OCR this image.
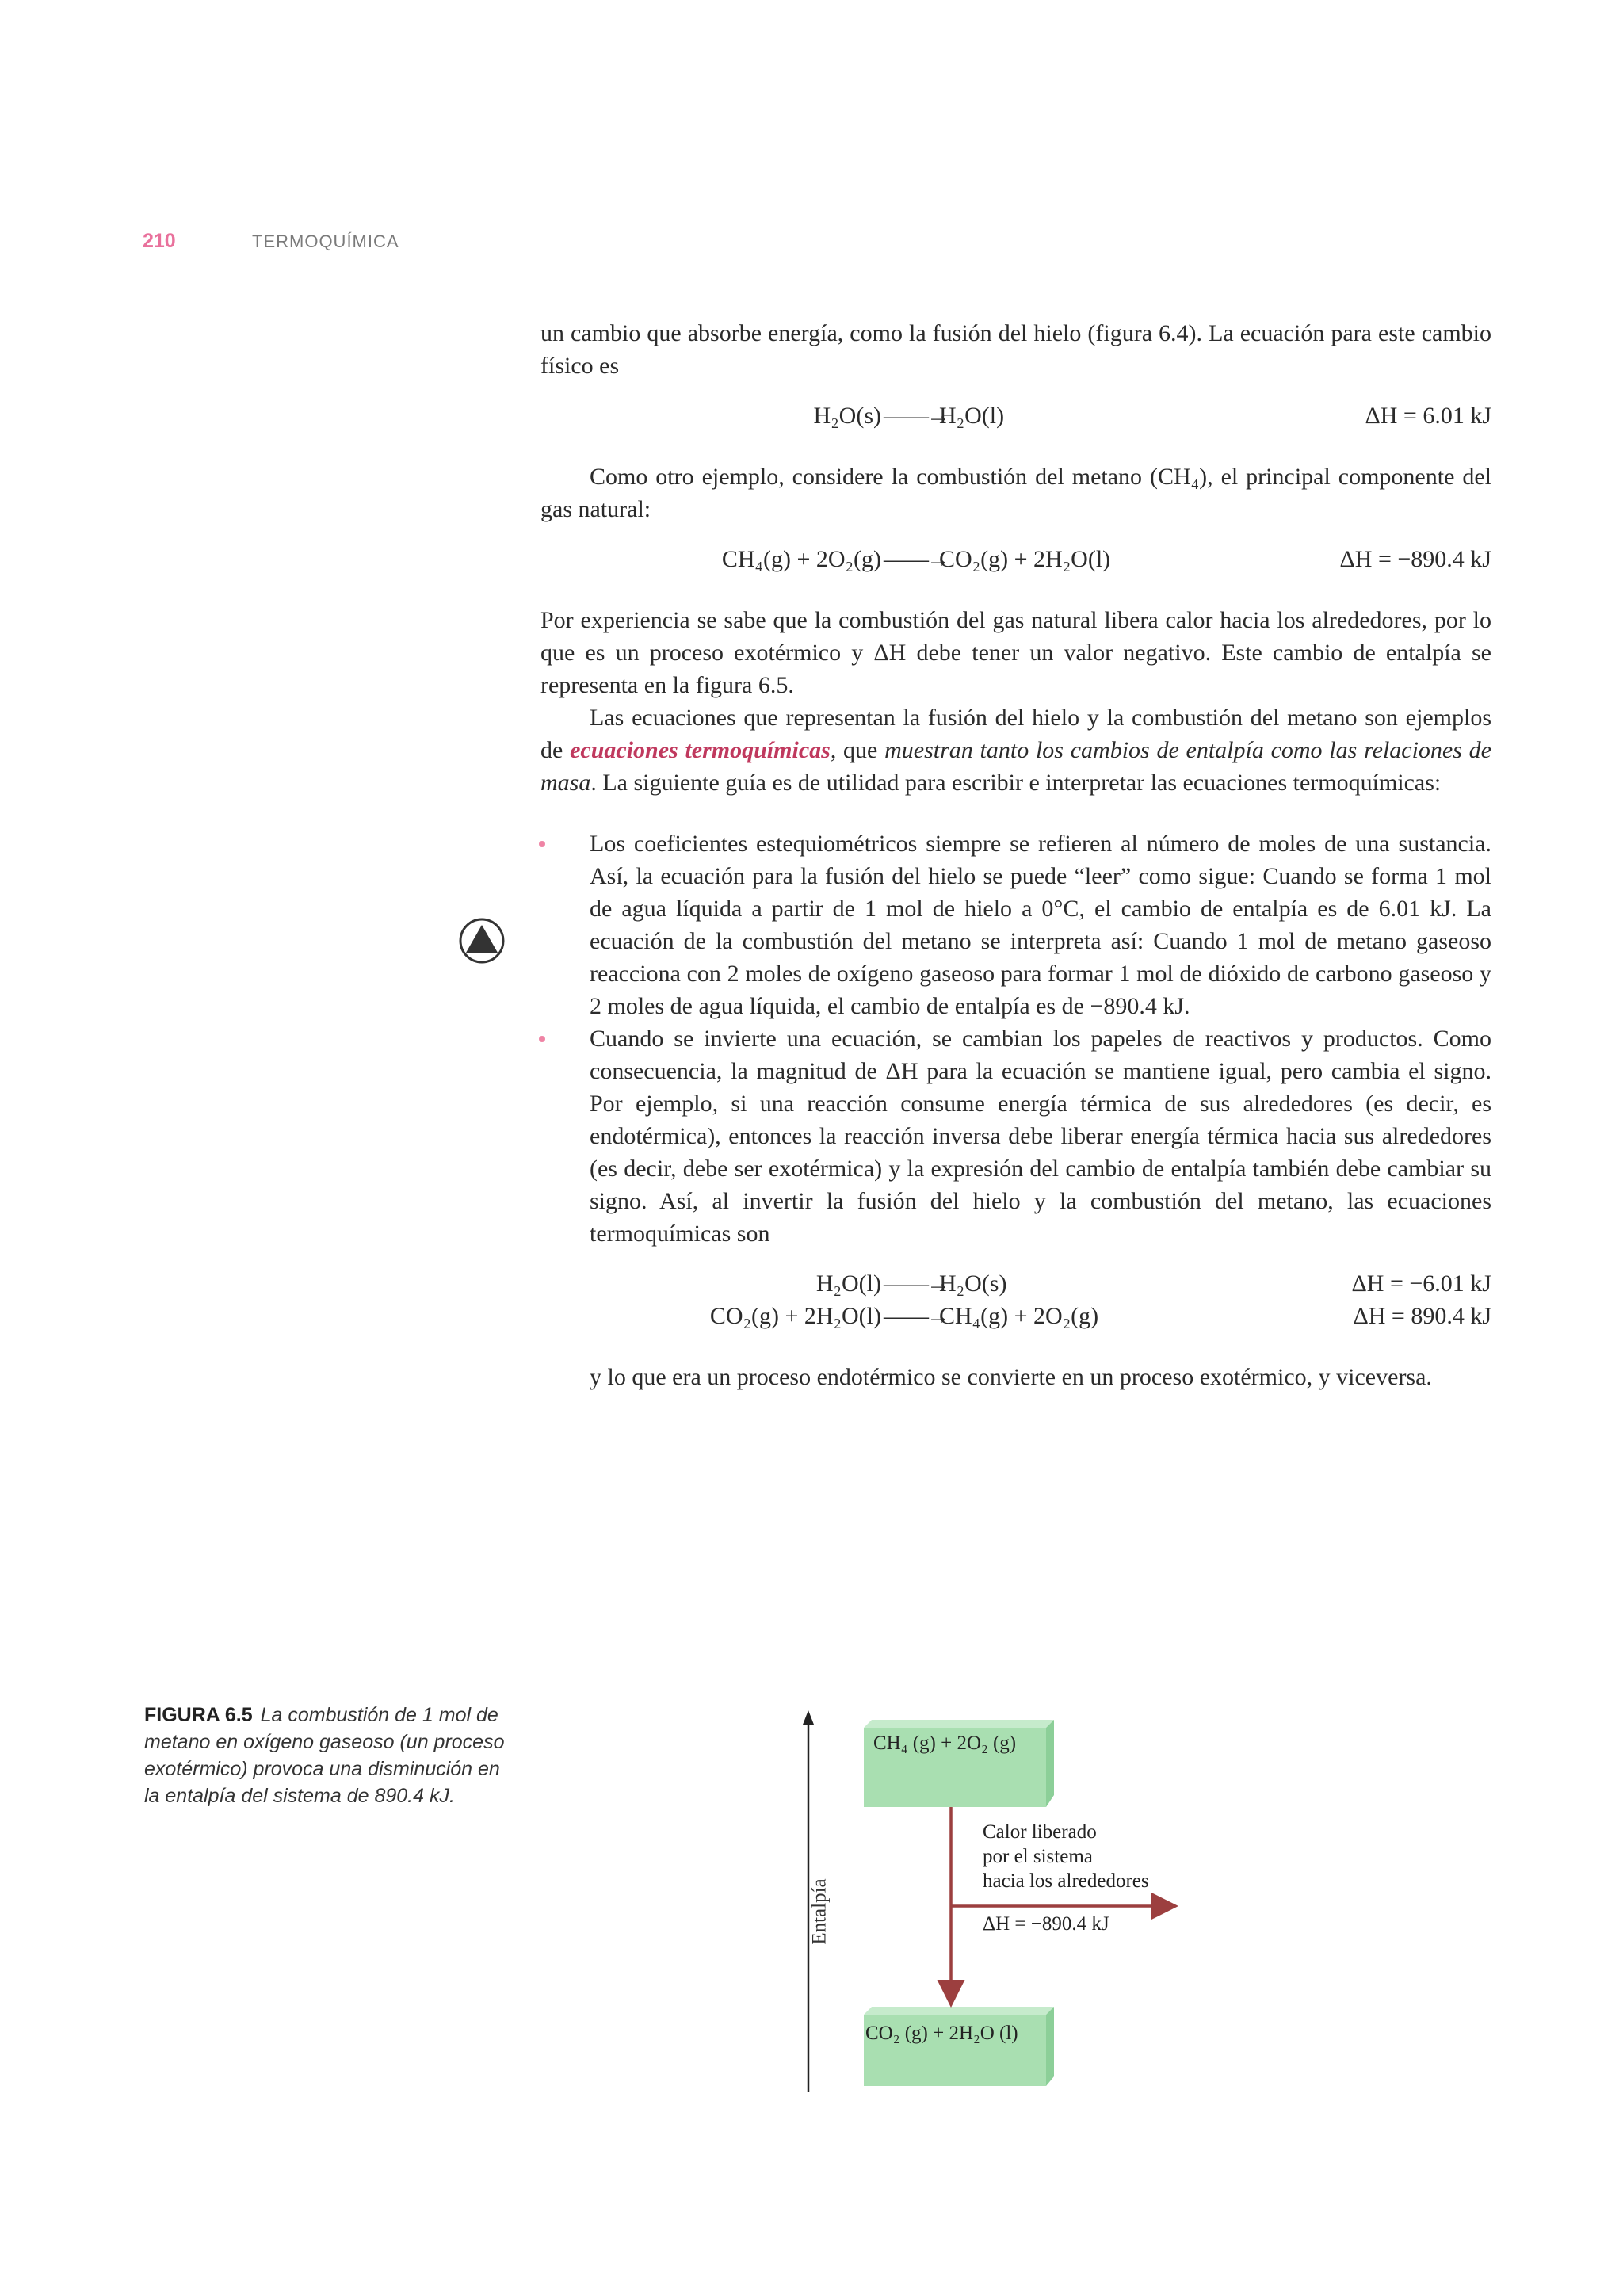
210	TERMOQUÍMICA

un cambio que absorbe energía, como la fusión del hielo (figura 6.4). La ecuación para este cambio físico es

H₂O(s) ——→
H₂O(l)	ΔH = 6.01 kJ

Como otro ejemplo, considere la combustión del metano (CH₄), el principal componente del gas natural:

CH₄(g) + 2O₂(g) ——→
CO₂(g) + 2H₂O(l)	ΔH = −890.4 kJ

Por experiencia se sabe que la combustión del gas natural libera calor hacia los alrededores, por lo que es un proceso exotérmico y ΔH debe tener un valor negativo. Este cambio de entalpía se representa en la figura 6.5.

Las ecuaciones que representan la fusión del hielo y la combustión del metano son ejemplos de ecuaciones termoquímicas, que muestran tanto los cambios de entalpía como las relaciones de masa. La siguiente guía es de utilidad para escribir e interpretar las ecuaciones termoquímicas:

Los coeficientes estequiométricos siempre se refieren al número de moles de una sustancia. Así, la ecuación para la fusión del hielo se puede “leer” como sigue: Cuando se forma 1 mol de agua líquida a partir de 1 mol de hielo a 0°C, el cambio de entalpía es de 6.01 kJ. La ecuación de la combustión del metano se interpreta así: Cuando 1 mol de metano gaseoso reacciona con 2 moles de oxígeno gaseoso para formar 1 mol de dióxido de carbono gaseoso y 2 moles de agua líquida, el cambio de entalpía es de −890.4 kJ.
Cuando se invierte una ecuación, se cambian los papeles de reactivos y productos. Como consecuencia, la magnitud de ΔH para la ecuación se mantiene igual, pero cambia el signo. Por ejemplo, si una reacción consume energía térmica de sus alrededores (es decir, es endotérmica), entonces la reacción inversa debe liberar energía térmica hacia sus alrededores (es decir, debe ser exotérmica) y la expresión del cambio de entalpía también debe cambiar su signo. Así, al invertir la fusión del hielo y la combustión del metano, las ecuaciones termoquímicas son
H₂O(l) ——→
H₂O(s)	ΔH = −6.01 kJ
CO₂(g) + 2H₂O(l) ——→
CH₄(g) + 2O₂(g)	ΔH = 890.4 kJ
y lo que era un proceso endotérmico se convierte en un proceso exotérmico, y viceversa.
FIGURA 6.5 La combustión de 1 mol de metano en oxígeno gaseoso (un proceso exotérmico) provoca una disminución en la entalpía del sistema de 890.4 kJ.
Entalpía
CH₄ (g) + 2O₂ (g)
CO₂ (g) + 2H₂O (l)
Calor liberado
por el sistema
hacia los alrededores
ΔH = −890.4 kJ
